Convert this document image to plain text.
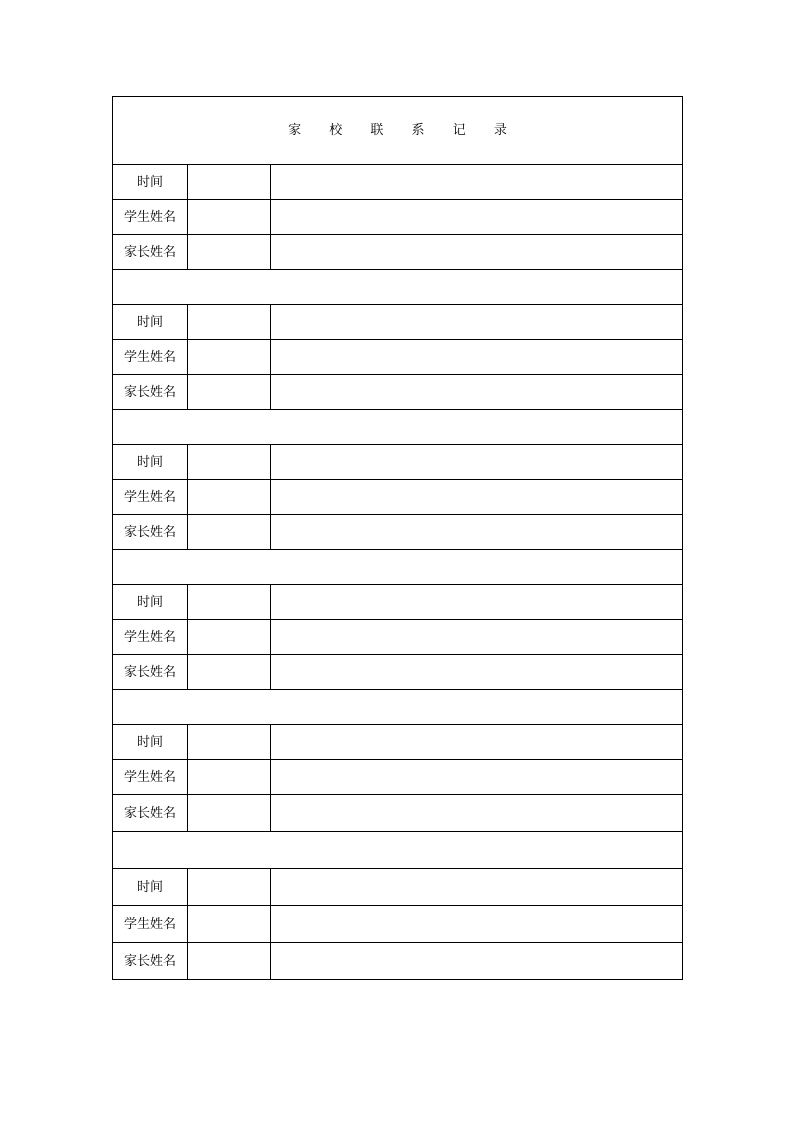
家 校 联 系 记 录		
时间		
学生姓名		
家长姓名		

时间		
学生姓名		
家长姓名		

时间		
学生姓名		
家长姓名		

时间		
学生姓名		
家长姓名		

时间		
学生姓名		
家长姓名		

时间		
学生姓名		
家长姓名		
